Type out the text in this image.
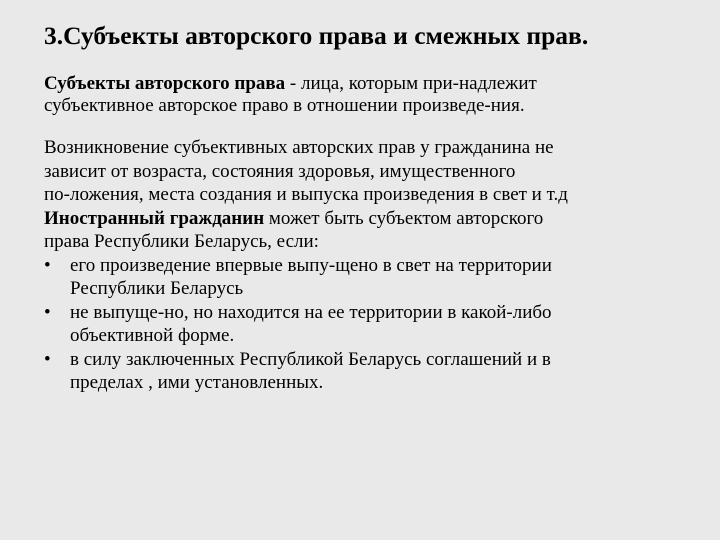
3.Субъекты авторского права и смежных прав.

Субъекты авторского права - лица, которым при-надлежит
субъективное авторское право в отношении произведе-ния.

Возникновение субъективных авторских прав у гражданина не
зависит от возраста, состояния здоровья, имущественного
по-ложения, места создания и выпуска произведения в свет и т.д
Иностранный гражданин может быть субъектом авторского
права Республики Беларусь, если:
•	его произведение впервые выпу-щено в свет на территории
Республики Беларусь
•	не выпуще-но, но находится на ее территории в какой-либо
объективной форме.
•	в силу заключенных Республикой Беларусь соглашений и в
пределах , ими установленных.
